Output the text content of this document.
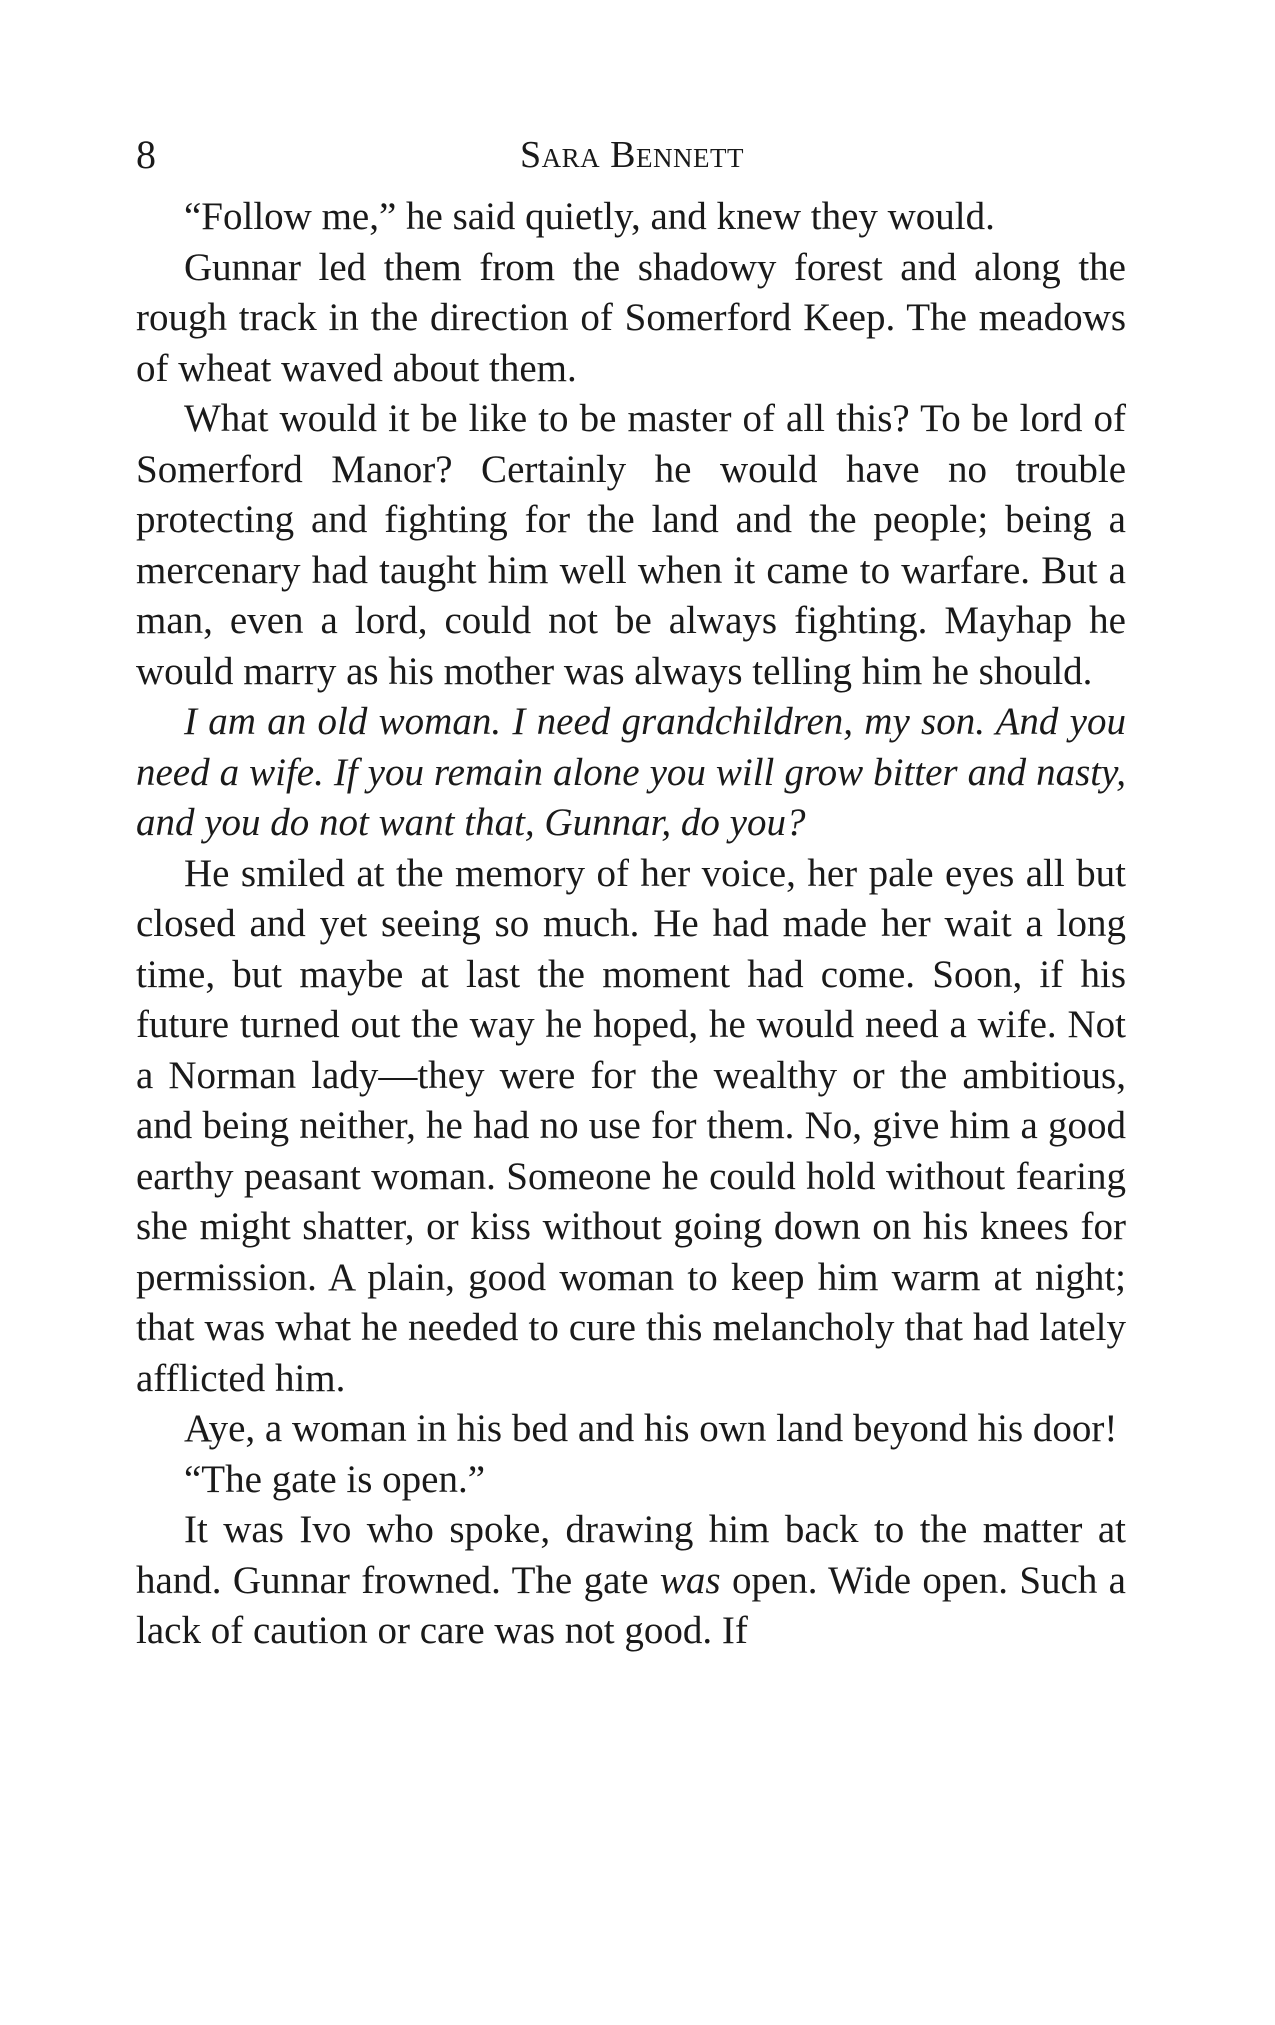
8	Sara Bennett

“Follow me,” he said quietly, and knew they would.

Gunnar led them from the shadowy forest and along the rough track in the direction of Somerford Keep. The meadows of wheat waved about them.

What would it be like to be master of all this? To be lord of Somerford Manor? Certainly he would have no trouble protecting and fighting for the land and the people; being a mercenary had taught him well when it came to warfare. But a man, even a lord, could not be always fighting. Mayhap he would marry as his mother was always telling him he should.

I am an old woman. I need grandchildren, my son. And you need a wife. If you remain alone you will grow bitter and nasty, and you do not want that, Gunnar, do you?

He smiled at the memory of her voice, her pale eyes all but closed and yet seeing so much. He had made her wait a long time, but maybe at last the moment had come. Soon, if his future turned out the way he hoped, he would need a wife. Not a Norman lady—they were for the wealthy or the ambitious, and being neither, he had no use for them. No, give him a good earthy peasant woman. Someone he could hold without fearing she might shatter, or kiss without going down on his knees for permission. A plain, good woman to keep him warm at night; that was what he needed to cure this melancholy that had lately afflicted him.

Aye, a woman in his bed and his own land beyond his door!

“The gate is open.”

It was Ivo who spoke, drawing him back to the matter at hand. Gunnar frowned. The gate was open. Wide open. Such a lack of caution or care was not good. If
